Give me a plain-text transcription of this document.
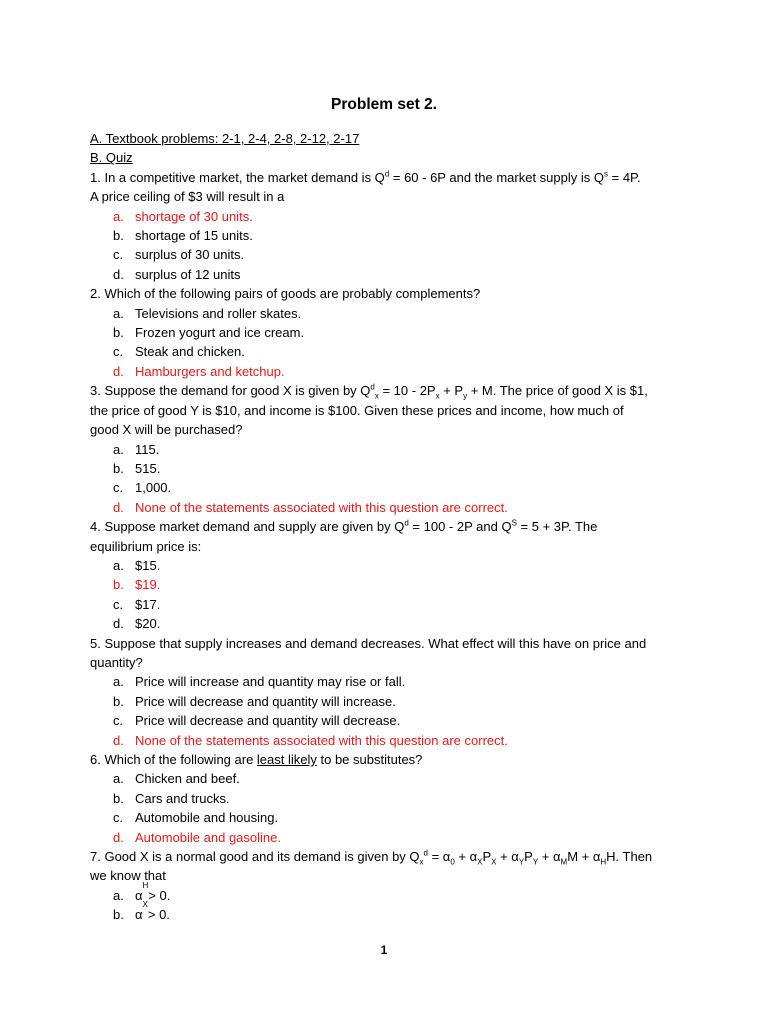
Problem set 2.
A. Textbook problems: 2-1, 2-4, 2-8, 2-12, 2-17
B. Quiz
1. In a competitive market, the market demand is $Q^d = 60 - 6P$ and the market supply is $Q^s = 4P$.
A price ceiling of $3 will result in a
a. shortage of 30 units.
b. shortage of 15 units.
c. surplus of 30 units.
d. surplus of 12 units
2. Which of the following pairs of goods are probably complements?
a. Televisions and roller skates.
b. Frozen yogurt and ice cream.
c. Steak and chicken.
d. Hamburgers and ketchup.
3. Suppose the demand for good X is given by $Q^d_x = 10 - 2P_x + P_y + M$. The price of good X is $1,
the price of good Y is $10, and income is $100. Given these prices and income, how much of
good X will be purchased?
a. 115.
b. 515.
c. 1,000.
d. None of the statements associated with this question are correct.
4. Suppose market demand and supply are given by $Q^d = 100 - 2P$ and $Q^S = 5 + 3P$. The
equilibrium price is:
a. $15.
b. $19.
c. $17.
d. $20.
5. Suppose that supply increases and demand decreases. What effect will this have on price and
quantity?
a. Price will increase and quantity may rise or fall.
b. Price will decrease and quantity will increase.
c. Price will decrease and quantity will decrease.
d. None of the statements associated with this question are correct.
6. Which of the following are least likely to be substitutes?
a. Chicken and beef.
b. Cars and trucks.
c. Automobile and housing.
d. Automobile and gasoline.
7. Good X is a normal good and its demand is given by $Q_x^d = \alpha_0 + \alpha_XP_X + \alpha_YP_Y + \alpha_MM + \alpha_HH$. Then
we know that
a. α
H
> 0.
b. α
X
> 0.
1
